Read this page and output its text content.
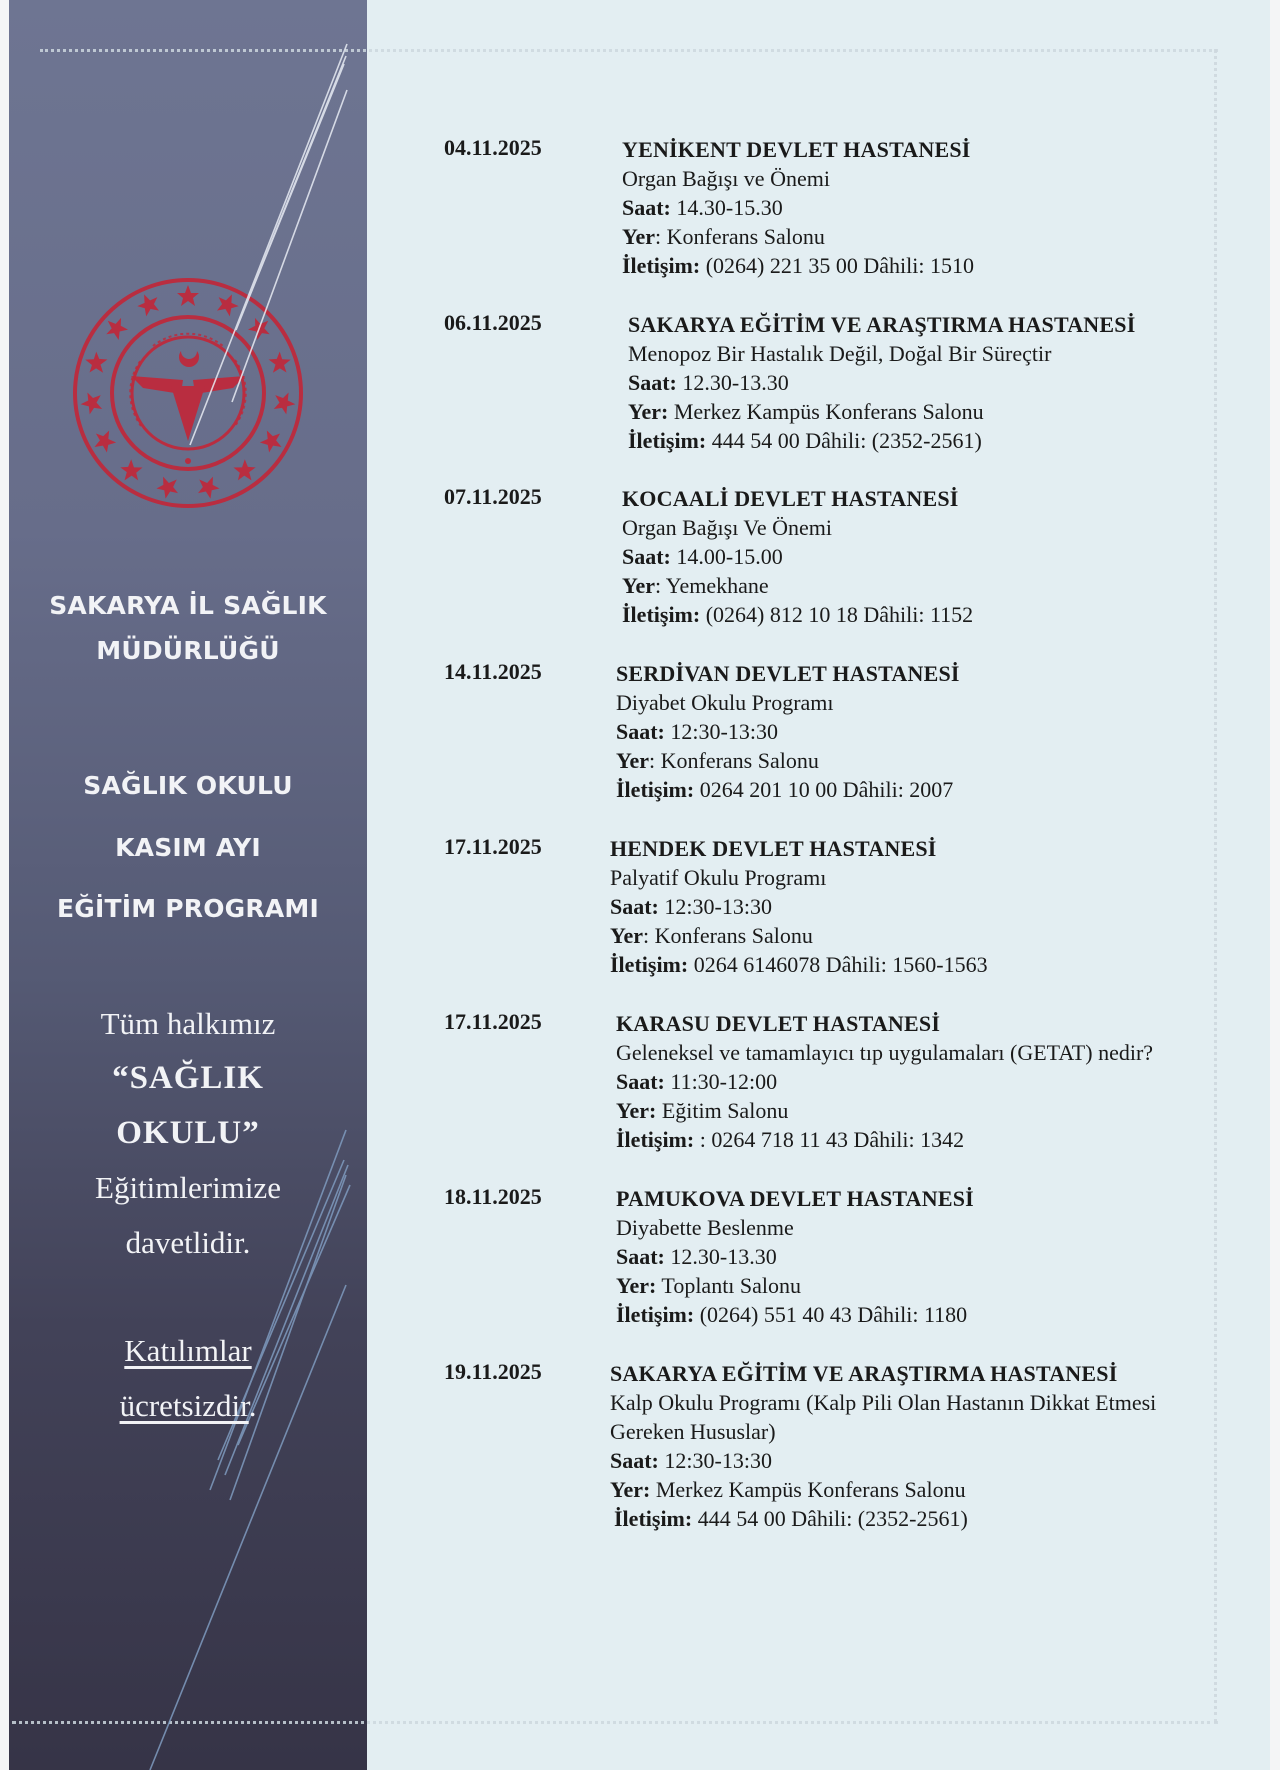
SAKARYA İL SAĞLIK
MÜDÜRLÜĞÜ
SAĞLIK OKULU
KASIM AYI
EĞİTİM PROGRAMI
Tüm halkımız
“SAĞLIK
OKULU”
Eğitimlerimize
davetlidir.
Katılımlar
ücretsizdir.
04.11.2025	YENİKENT DEVLET HASTANESİ
Organ Bağışı ve Önemi
Saat: 14.30-15.30
Yer: Konferans Salonu
İletişim: (0264) 221 35 00 Dâhili: 1510
06.11.2025	SAKARYA EĞİTİM VE ARAŞTIRMA HASTANESİ
Menopoz Bir Hastalık Değil, Doğal Bir Süreçtir
Saat: 12.30-13.30
Yer: Merkez Kampüs Konferans Salonu
İletişim: 444 54 00 Dâhili: (2352-2561)
07.11.2025	KOCAALİ DEVLET HASTANESİ
Organ Bağışı Ve Önemi
Saat: 14.00-15.00
Yer: Yemekhane
İletişim: (0264) 812 10 18 Dâhili: 1152
14.11.2025	SERDİVAN DEVLET HASTANESİ
Diyabet Okulu Programı
Saat: 12:30-13:30
Yer: Konferans Salonu
İletişim: 0264 201 10 00 Dâhili: 2007
17.11.2025	HENDEK DEVLET HASTANESİ
Palyatif Okulu Programı
Saat: 12:30-13:30
Yer: Konferans Salonu
İletişim: 0264 6146078 Dâhili: 1560-1563
17.11.2025	KARASU DEVLET HASTANESİ
Geleneksel ve tamamlayıcı tıp uygulamaları (GETAT) nedir?
Saat: 11:30-12:00
Yer: Eğitim Salonu
İletişim: : 0264 718 11 43 Dâhili: 1342
18.11.2025	PAMUKOVA DEVLET HASTANESİ
Diyabette Beslenme
Saat: 12.30-13.30
Yer: Toplantı Salonu
İletişim: (0264) 551 40 43 Dâhili: 1180
19.11.2025	SAKARYA EĞİTİM VE ARAŞTIRMA HASTANESİ
Kalp Okulu Programı (Kalp Pili Olan Hastanın Dikkat Etmesi
Gereken Hususlar)
Saat: 12:30-13:30
Yer: Merkez Kampüs Konferans Salonu
İletişim: 444 54 00 Dâhili: (2352-2561)
